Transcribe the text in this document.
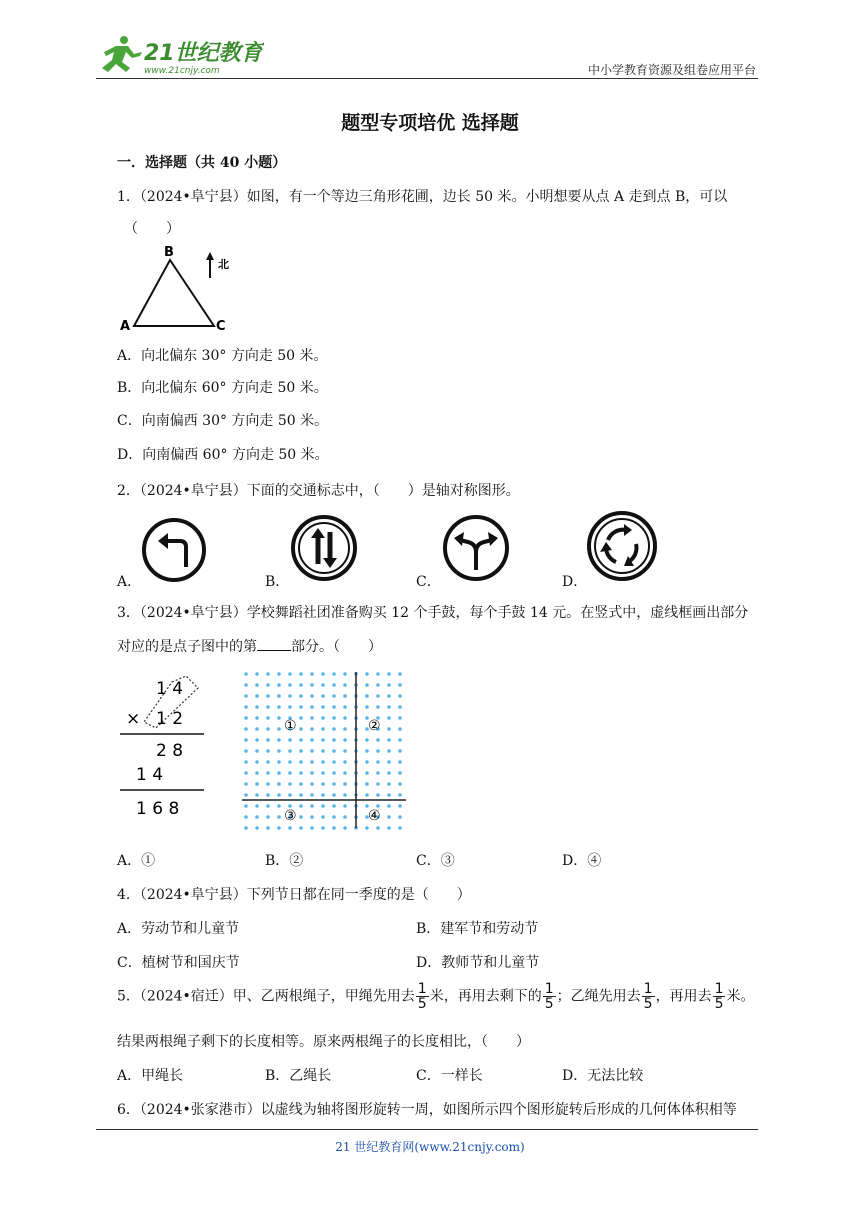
21世纪教育
www.21cnjy.com	中小学教育资源及组卷应用平台
题型专项培优 选择题
一．选择题（共 40 小题）
1．（2024•阜宁县）如图，有一个等边三角形花圃，边长 50 米。小明想要从点 A 走到点 B，可以
（　　）
B
A	C
北
A．向北偏东 30° 方向走 50 米。
B．向北偏东 60° 方向走 50 米。
C．向南偏西 30° 方向走 50 米。
D．向南偏西 60° 方向走 50 米。
2．（2024•阜宁县）下面的交通标志中，（　　）是轴对称图形。
A．	B．	C．	D．
3．（2024•阜宁县）学校舞蹈社团准备购买 12 个手鼓，每个手鼓 14 元。在竖式中，虚线框画出部分
对应的是点子图中的第 部分。（　　）
1 4
× 1 2
2 8
1 4
1 6 8
①	②
③	④
A．①	B．②	C．③	D．④
4．（2024•阜宁县）下列节日都在同一季度的是（　　）
A．劳动节和儿童节	B．建军节和劳动节
C．植树节和国庆节	D．教师节和儿童节
5．（2024•宿迁）甲、乙两根绳子，甲绳先用去 $\frac{1}{5}$ 米，再用去剩下的 $\frac{1}{5}$ ；乙绳先用去 $\frac{1}{5}$ ，再用去 $\frac{1}{5}$ 米。
结果两根绳子剩下的长度相等。原来两根绳子的长度相比，（　　）
A．甲绳长	B．乙绳长	C．一样长	D．无法比较
6．（2024•张家港市）以虚线为轴将图形旋转一周，如图所示四个图形旋转后形成的几何体体积相等
21 世纪教育网(www.21cnjy.com)
